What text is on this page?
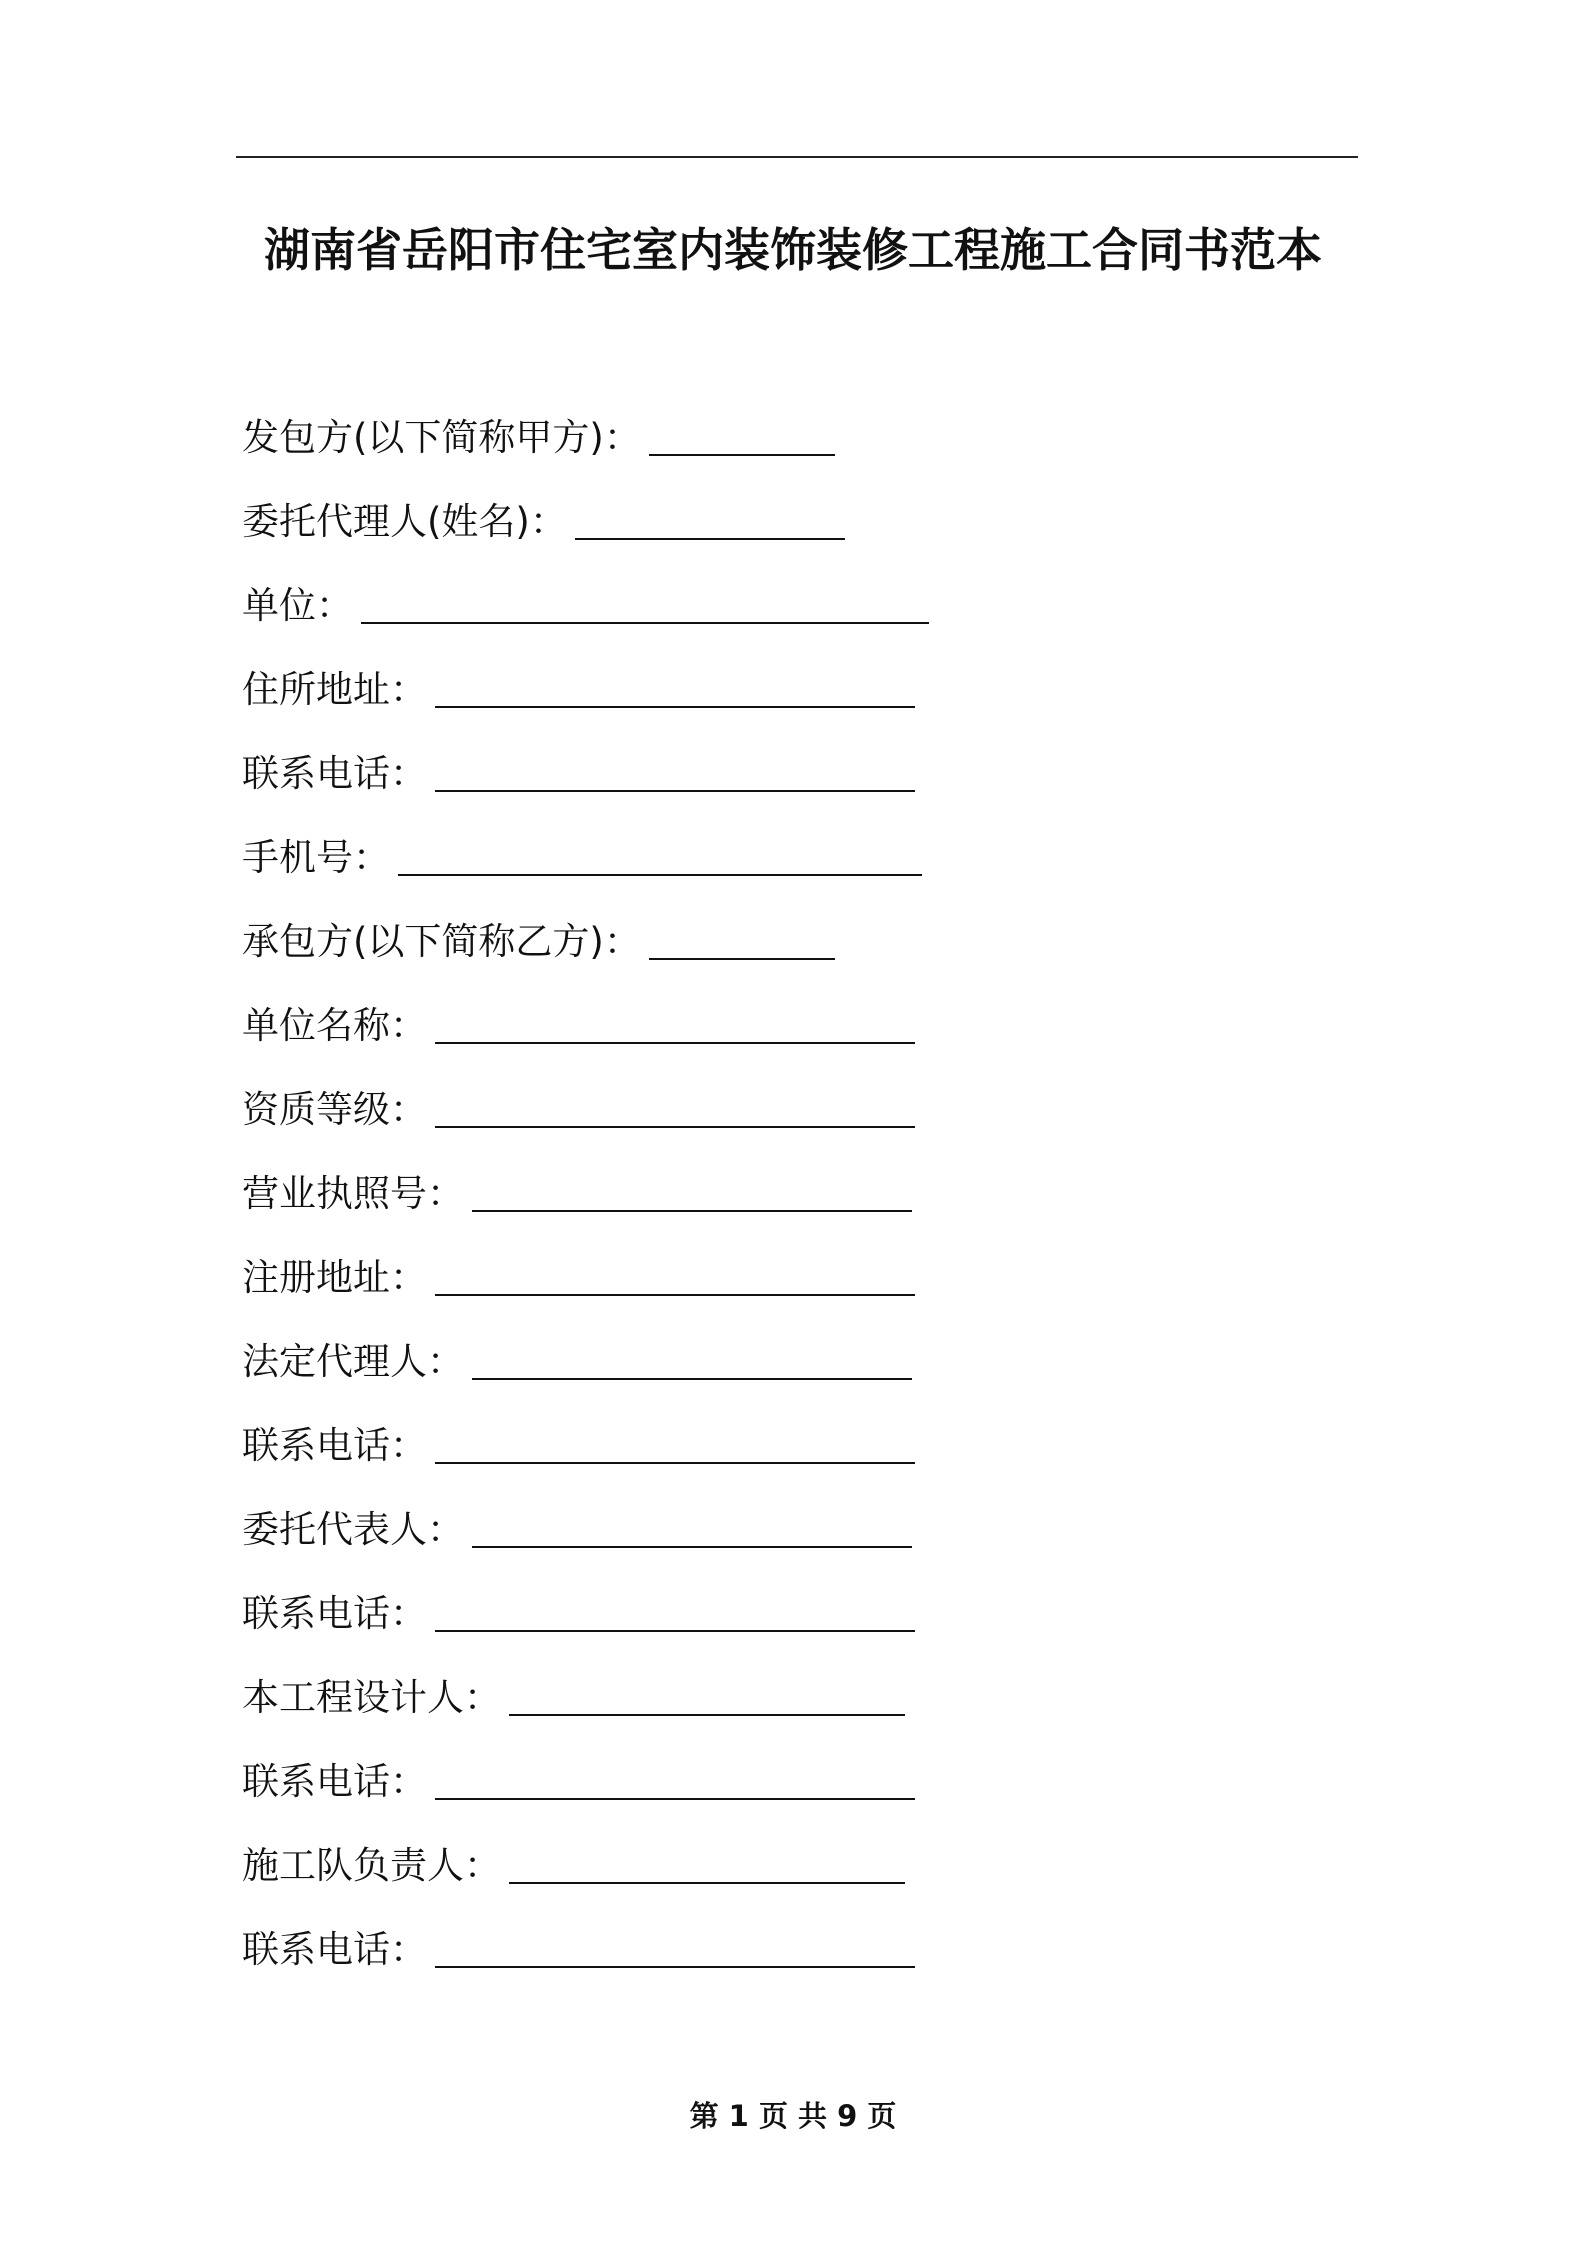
湖南省岳阳市住宅室内装饰装修工程施工合同书范本
发包方(以下简称甲方)：
委托代理人(姓名)：
单位：
住所地址：
联系电话：
手机号：
承包方(以下简称乙方)：
单位名称：
资质等级：
营业执照号：
注册地址：
法定代理人：
联系电话：
委托代表人：
联系电话：
本工程设计人：
联系电话：
施工队负责人：
联系电话：
第 1 页 共 9 页
